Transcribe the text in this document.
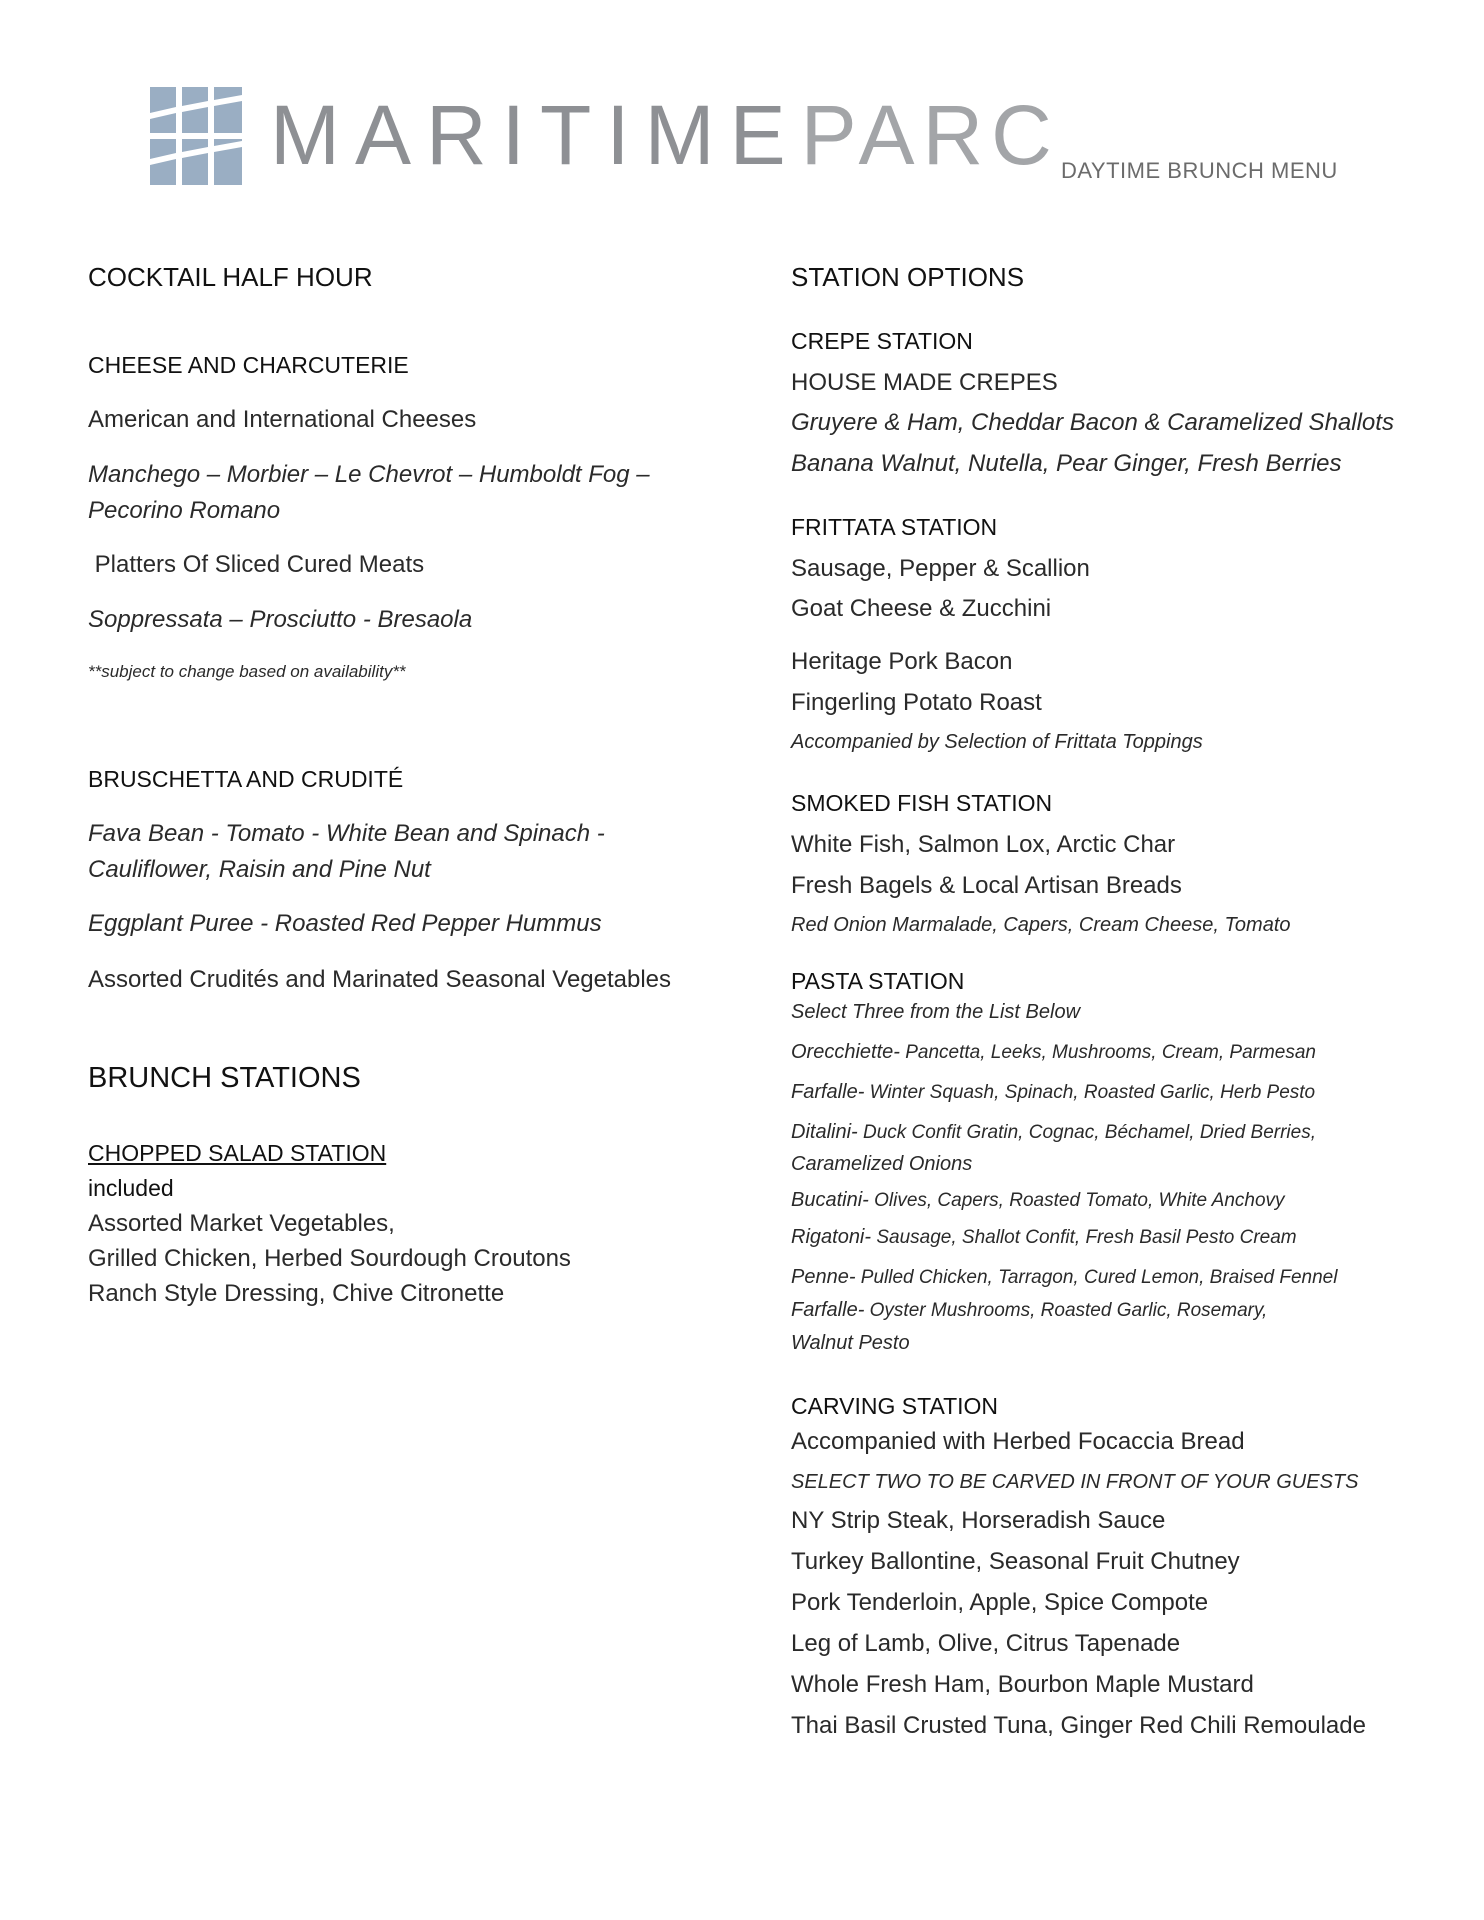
MARITIMEPARC DAYTIME BRUNCH MENU
COCKTAIL HALF HOUR
CHEESE AND CHARCUTERIE
American and International Cheeses
Manchego – Morbier – Le Chevrot – Humboldt Fog –
Pecorino Romano
Platters Of Sliced Cured Meats
Soppressata – Prosciutto - Bresaola
**subject to change based on availability**
BRUSCHETTA AND CRUDITÉ
Fava Bean - Tomato - White Bean and Spinach -
Cauliflower, Raisin and Pine Nut
Eggplant Puree - Roasted Red Pepper Hummus
Assorted Crudités and Marinated Seasonal Vegetables
BRUNCH STATIONS
CHOPPED SALAD STATION
included
Assorted Market Vegetables,
Grilled Chicken, Herbed Sourdough Croutons
Ranch Style Dressing, Chive Citronette
STATION OPTIONS
CREPE STATION
HOUSE MADE CREPES
Gruyere & Ham, Cheddar Bacon & Caramelized Shallots
Banana Walnut, Nutella, Pear Ginger, Fresh Berries
FRITTATA STATION
Sausage, Pepper & Scallion
Goat Cheese & Zucchini
Heritage Pork Bacon
Fingerling Potato Roast
Accompanied by Selection of Frittata Toppings
SMOKED FISH STATION
White Fish, Salmon Lox, Arctic Char
Fresh Bagels & Local Artisan Breads
Red Onion Marmalade, Capers, Cream Cheese, Tomato
PASTA STATION
Select Three from the List Below
Orecchiette- Pancetta, Leeks, Mushrooms, Cream, Parmesan
Farfalle- Winter Squash, Spinach, Roasted Garlic, Herb Pesto
Ditalini- Duck Confit Gratin, Cognac, Béchamel, Dried Berries,
Caramelized Onions
Bucatini- Olives, Capers, Roasted Tomato, White Anchovy
Rigatoni- Sausage, Shallot Confit, Fresh Basil Pesto Cream
Penne- Pulled Chicken, Tarragon, Cured Lemon, Braised Fennel
Farfalle- Oyster Mushrooms, Roasted Garlic, Rosemary,
Walnut Pesto
CARVING STATION
Accompanied with Herbed Focaccia Bread
SELECT TWO TO BE CARVED IN FRONT OF YOUR GUESTS
NY Strip Steak, Horseradish Sauce
Turkey Ballontine, Seasonal Fruit Chutney
Pork Tenderloin, Apple, Spice Compote
Leg of Lamb, Olive, Citrus Tapenade
Whole Fresh Ham, Bourbon Maple Mustard
Thai Basil Crusted Tuna, Ginger Red Chili Remoulade
